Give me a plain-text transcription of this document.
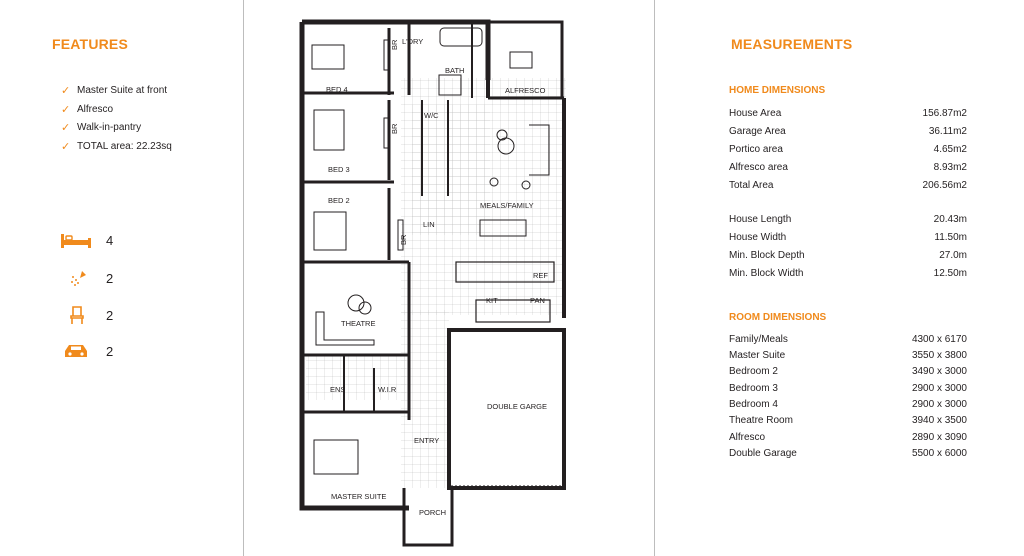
FEATURES
✓ Master Suite at front
✓ Alfresco
✓ Walk-in-pantry
✓ TOTAL area: 22.23sq
4
2
2
2
L'DRY
BATH
ALFRESCO
BED 4
BED 3
BED 2
W/C
MEALS/FAMILY
LIN
KIT	PAN
REF
THEATRE
ENS	W.I.R
DOUBLE GARGE
ENTRY
MASTER SUITE
PORCH
BR
BR
BR
MEASUREMENTS
HOME DIMENSIONS
House Area	156.87m2
Garage Area	36.11m2
Portico area	4.65m2
Alfresco area	8.93m2
Total Area	206.56m2
House Length	20.43m
House Width	11.50m
Min. Block Depth	27.0m
Min. Block Width	12.50m
ROOM DIMENSIONS
Family/Meals	4300 x 6170
Master Suite	3550 x 3800
Bedroom 2	3490 x 3000
Bedroom 3	2900 x 3000
Bedroom 4	2900 x 3000
Theatre Room	3940 x 3500
Alfresco	2890 x 3090
Double Garage	5500 x 6000
